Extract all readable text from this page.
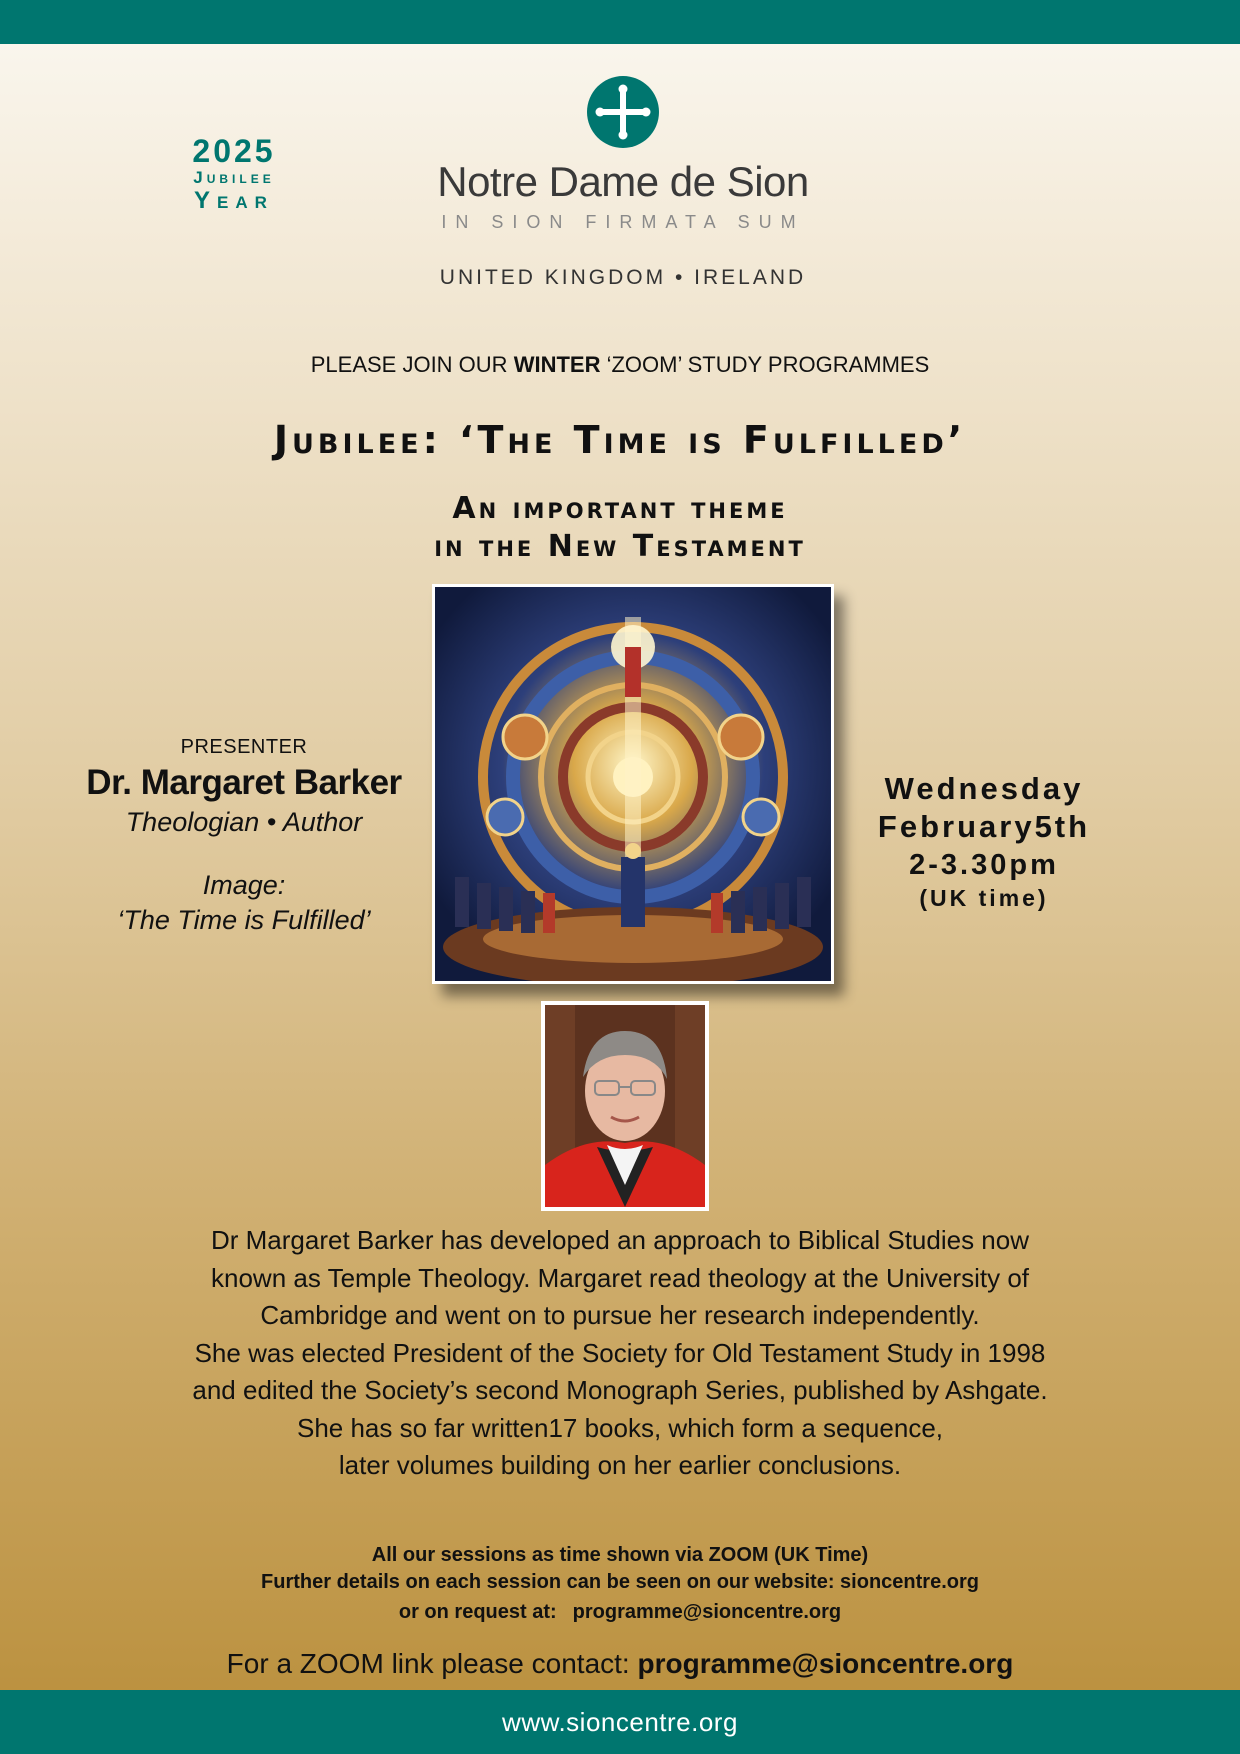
2025
Jubilee
Year	Notre Dame de Sion
IN SION FIRMATA SUM
UNITED KINGDOM • IRELAND
PLEASE JOIN OUR WINTER ‘ZOOM’ STUDY PROGRAMMES
Jubilee: ‘The Time is Fulfilled’
An important theme
in the New Testament
PRESENTER
Dr. Margaret Barker
Theologian • Author
Image:
‘The Time is Fulfilled’
Wednesday
February5th
2-3.30pm
(UK time)
Dr Margaret Barker has developed an approach to Biblical Studies now
known as Temple Theology. Margaret read theology at the University of
Cambridge and went on to pursue her research independently.
She was elected President of the Society for Old Testament Study in 1998
and edited the Society’s second Monograph Series, published by Ashgate.
She has so far written17 books, which form a sequence,
later volumes building on her earlier conclusions.
All our sessions as time shown via ZOOM (UK Time)
Further details on each session can be seen on our website: sioncentre.org
or on request at: programme@sioncentre.org
For a ZOOM link please contact: programme@sioncentre.org
www.sioncentre.org
